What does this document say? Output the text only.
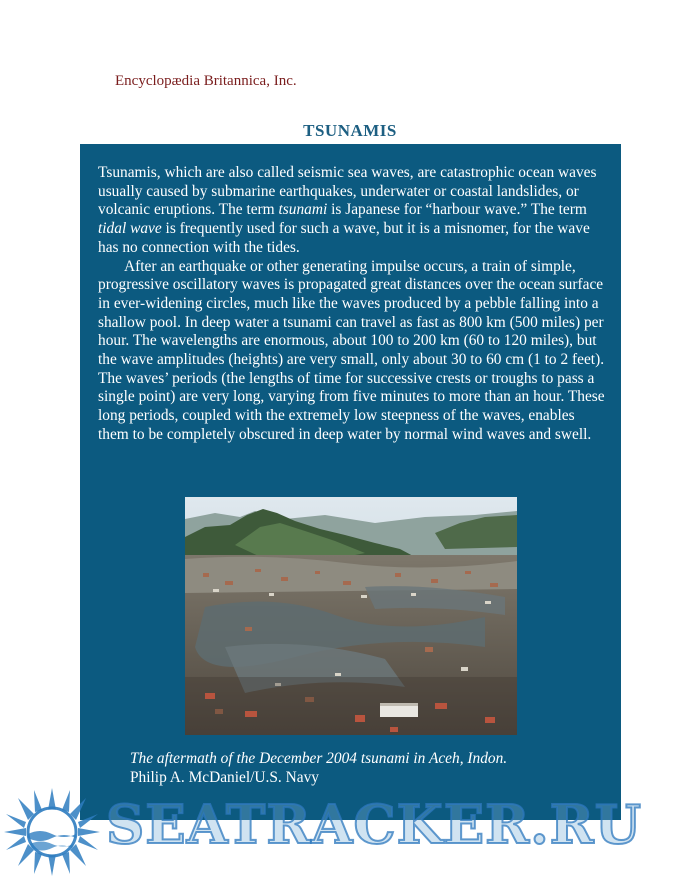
Encyclopædia Britannica, Inc.
TSUNAMIS

Tsunamis, which are also called seismic sea waves, are catastrophic ocean waves usually caused by submarine earthquakes, underwater or coastal landslides, or volcanic eruptions. The term tsunami is Japanese for “harbour wave.” The term tidal wave is frequently used for such a wave, but it is a misnomer, for the wave has no connection with the tides.

After an earthquake or other generating impulse occurs, a train of simple, progressive oscillatory waves is propagated great distances over the ocean surface in ever-widening circles, much like the waves produced by a pebble falling into a shallow pool. In deep water a tsunami can travel as fast as 800 km (500 miles) per hour. The wavelengths are enormous, about 100 to 200 km (60 to 120 miles), but the wave amplitudes (heights) are very small, only about 30 to 60 cm (1 to 2 feet). The waves’ periods (the lengths of time for successive crests or troughs to pass a single point) are very long, varying from five minutes to more than an hour. These long periods, coupled with the extremely low steepness of the waves, enables them to be completely obscured in deep water by normal wind waves and swell.

The aftermath of the December 2004 tsunami in Aceh, Indon.
Philip A. McDaniel/U.S. Navy
SEATRACKER.RU
